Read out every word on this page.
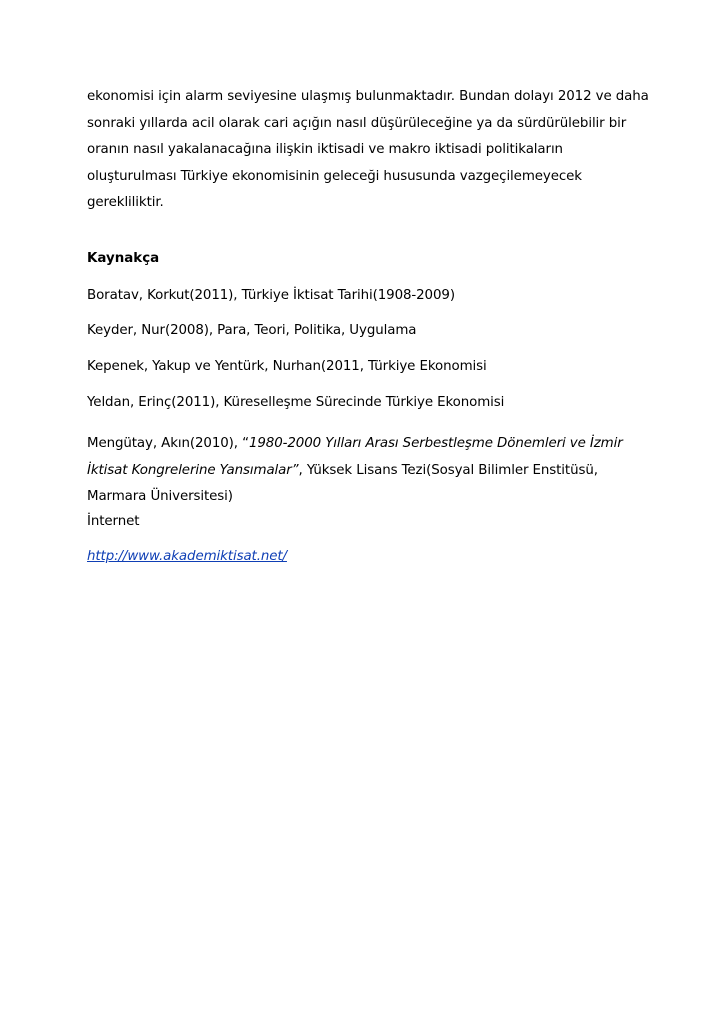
ekonomisi için alarm seviyesine ulaşmış bulunmaktadır. Bundan dolayı 2012 ve daha

sonraki yıllarda acil olarak cari açığın nasıl düşürüleceğine ya da sürdürülebilir bir

oranın nasıl yakalanacağına ilişkin iktisadi ve makro iktisadi politikaların

oluşturulması Türkiye ekonomisinin geleceği hususunda vazgeçilemeyecek

gerekliliktir.

Kaynakça

Boratav, Korkut(2011), Türkiye İktisat Tarihi(1908-2009)

Keyder, Nur(2008), Para, Teori, Politika, Uygulama

Kepenek, Yakup ve Yentürk, Nurhan(2011, Türkiye Ekonomisi

Yeldan, Erinç(2011), Küreselleşme Sürecinde Türkiye Ekonomisi

Mengütay, Akın(2010), “1980-2000 Yılları Arası Serbestleşme Dönemleri ve İzmir
İktisat Kongrelerine Yansımalar”, Yüksek Lisans Tezi(Sosyal Bilimler Enstitüsü,
Marmara Üniversitesi)

İnternet

http://www.akademiktisat.net/
